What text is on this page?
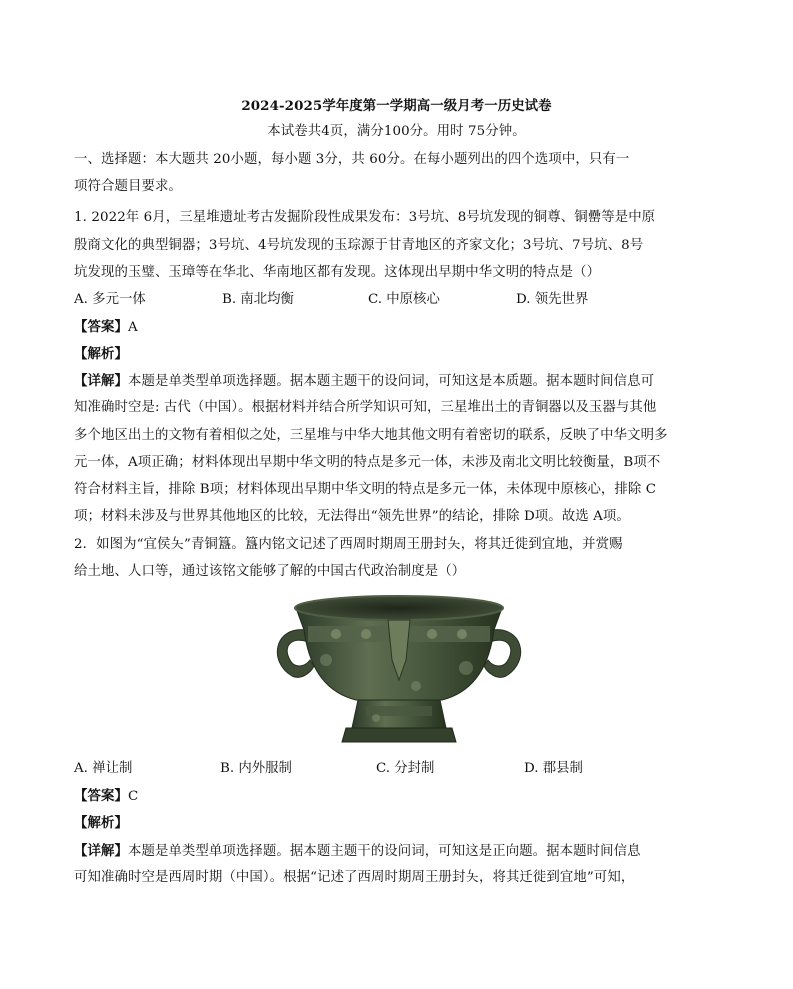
2024-2025学年度第一学期高一级月考一历史试卷
本试卷共4页，满分100分。用时 75分钟。
一、选择题：本大题共 20小题，每小题 3分，共 60分。在每小题列出的四个选项中，只有一
项符合题目要求。
1. 2022年 6月，三星堆遗址考古发掘阶段性成果发布：3号坑、8号坑发现的铜尊、铜罍等是中原
殷商文化的典型铜器；3号坑、4号坑发现的玉琮源于甘青地区的齐家文化；3号坑、7号坑、8号
坑发现的玉璧、玉璋等在华北、华南地区都有发现。这体现出早期中华文明的特点是（）
A. 多元一体	B. 南北均衡	C. 中原核心	D. 领先世界
【答案】A
【解析】
【详解】本题是单类型单项选择题。据本题主题干的设问词，可知这是本质题。据本题时间信息可
知准确时空是: 古代（中国）。根据材料并结合所学知识可知，三星堆出土的青铜器以及玉器与其他
多个地区出土的文物有着相似之处，三星堆与中华大地其他文明有着密切的联系，反映了中华文明多
元一体，A项正确；材料体现出早期中华文明的特点是多元一体，未涉及南北文明比较衡量，B项不
符合材料主旨，排除 B项；材料体现出早期中华文明的特点是多元一体，未体现中原核心，排除 C
项；材料未涉及与世界其他地区的比较，无法得出“领先世界”的结论，排除 D项。故选 A项。
2．如图为“宜侯夨”青铜簋。簋内铭文记述了西周时期周王册封夨，将其迁徙到宜地，并赏赐
给土地、人口等，通过该铭文能够了解的中国古代政治制度是（）
A. 禅让制	B. 内外服制	C. 分封制	D. 郡县制
【答案】C
【解析】
【详解】本题是单类型单项选择题。据本题主题干的设问词，可知这是正向题。据本题时间信息
可知准确时空是西周时期（中国）。根据“记述了西周时期周王册封夨，将其迁徙到宜地”可知，
